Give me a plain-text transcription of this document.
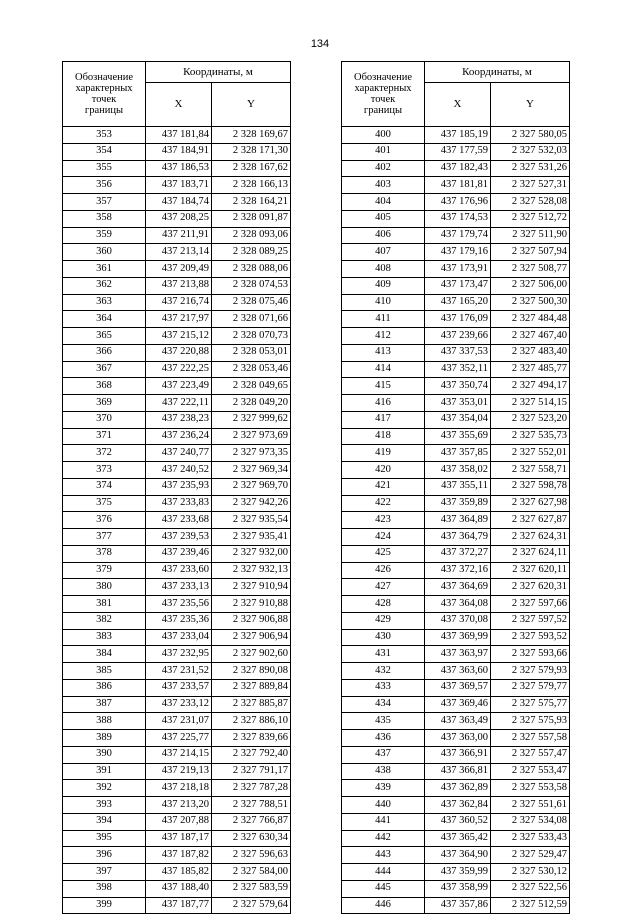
134
Обозначение
характерных
точек
границы	Координаты, м	
	X	Y
353	437 181,84	2 328 169,67
354	437 184,91	2 328 171,30
355	437 186,53	2 328 167,62
356	437 183,71	2 328 166,13
357	437 184,74	2 328 164,21
358	437 208,25	2 328 091,87
359	437 211,91	2 328 093,06
360	437 213,14	2 328 089,25
361	437 209,49	2 328 088,06
362	437 213,88	2 328 074,53
363	437 216,74	2 328 075,46
364	437 217,97	2 328 071,66
365	437 215,12	2 328 070,73
366	437 220,88	2 328 053,01
367	437 222,25	2 328 053,46
368	437 223,49	2 328 049,65
369	437 222,11	2 328 049,20
370	437 238,23	2 327 999,62
371	437 236,24	2 327 973,69
372	437 240,77	2 327 973,35
373	437 240,52	2 327 969,34
374	437 235,93	2 327 969,70
375	437 233,83	2 327 942,26
376	437 233,68	2 327 935,54
377	437 239,53	2 327 935,41
378	437 239,46	2 327 932,00
379	437 233,60	2 327 932,13
380	437 233,13	2 327 910,94
381	437 235,56	2 327 910,88
382	437 235,36	2 327 906,88
383	437 233,04	2 327 906,94
384	437 232,95	2 327 902,60
385	437 231,52	2 327 890,08
386	437 233,57	2 327 889,84
387	437 233,12	2 327 885,87
388	437 231,07	2 327 886,10
389	437 225,77	2 327 839,66
390	437 214,15	2 327 792,40
391	437 219,13	2 327 791,17
392	437 218,18	2 327 787,28
393	437 213,20	2 327 788,51
394	437 207,88	2 327 766,87
395	437 187,17	2 327 630,34
396	437 187,82	2 327 596,63
397	437 185,82	2 327 584,00
398	437 188,40	2 327 583,59
399	437 187,77	2 327 579,64
Обозначение
характерных
точек
границы	Координаты, м	
	X	Y
400	437 185,19	2 327 580,05
401	437 177,59	2 327 532,03
402	437 182,43	2 327 531,26
403	437 181,81	2 327 527,31
404	437 176,96	2 327 528,08
405	437 174,53	2 327 512,72
406	437 179,74	2 327 511,90
407	437 179,16	2 327 507,94
408	437 173,91	2 327 508,77
409	437 173,47	2 327 506,00
410	437 165,20	2 327 500,30
411	437 176,09	2 327 484,48
412	437 239,66	2 327 467,40
413	437 337,53	2 327 483,40
414	437 352,11	2 327 485,77
415	437 350,74	2 327 494,17
416	437 353,01	2 327 514,15
417	437 354,04	2 327 523,20
418	437 355,69	2 327 535,73
419	437 357,85	2 327 552,01
420	437 358,02	2 327 558,71
421	437 355,11	2 327 598,78
422	437 359,89	2 327 627,98
423	437 364,89	2 327 627,87
424	437 364,79	2 327 624,31
425	437 372,27	2 327 624,11
426	437 372,16	2 327 620,11
427	437 364,69	2 327 620,31
428	437 364,08	2 327 597,66
429	437 370,08	2 327 597,52
430	437 369,99	2 327 593,52
431	437 363,97	2 327 593,66
432	437 363,60	2 327 579,93
433	437 369,57	2 327 579,77
434	437 369,46	2 327 575,77
435	437 363,49	2 327 575,93
436	437 363,00	2 327 557,58
437	437 366,91	2 327 557,47
438	437 366,81	2 327 553,47
439	437 362,89	2 327 553,58
440	437 362,84	2 327 551,61
441	437 360,52	2 327 534,08
442	437 365,42	2 327 533,43
443	437 364,90	2 327 529,47
444	437 359,99	2 327 530,12
445	437 358,99	2 327 522,56
446	437 357,86	2 327 512,59
